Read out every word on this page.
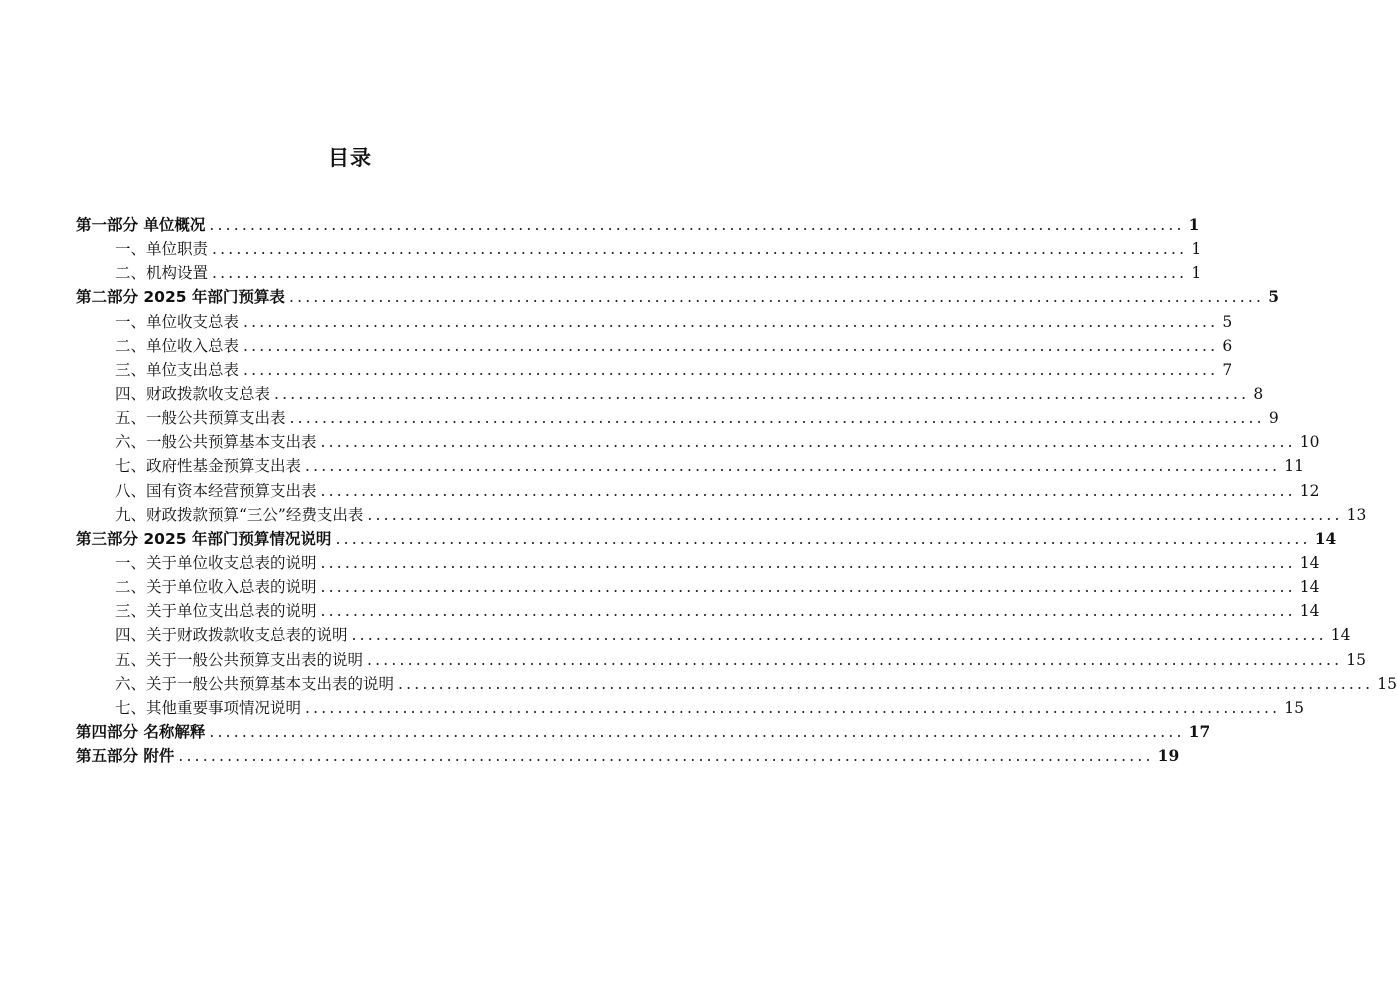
目录
第一部分 单位概况 ........................................................................................................................ 1
一、单位职责 ........................................................................................................................ 1
二、机构设置 ........................................................................................................................ 1
第二部分 2025 年部门预算表 ........................................................................................................................ 5
一、单位收支总表 ........................................................................................................................ 5
二、单位收入总表 ........................................................................................................................ 6
三、单位支出总表 ........................................................................................................................ 7
四、财政拨款收支总表 ........................................................................................................................ 8
五、一般公共预算支出表 ........................................................................................................................ 9
六、一般公共预算基本支出表 ........................................................................................................................ 10
七、政府性基金预算支出表 ........................................................................................................................ 11
八、国有资本经营预算支出表 ........................................................................................................................ 12
九、财政拨款预算“三公”经费支出表 ........................................................................................................................ 13
第三部分 2025 年部门预算情况说明 ........................................................................................................................ 14
一、关于单位收支总表的说明 ........................................................................................................................ 14
二、关于单位收入总表的说明 ........................................................................................................................ 14
三、关于单位支出总表的说明 ........................................................................................................................ 14
四、关于财政拨款收支总表的说明 ........................................................................................................................ 14
五、关于一般公共预算支出表的说明 ........................................................................................................................ 15
六、关于一般公共预算基本支出表的说明 ........................................................................................................................ 15
七、其他重要事项情况说明 ........................................................................................................................ 15
第四部分 名称解释 ........................................................................................................................ 17
第五部分 附件 ........................................................................................................................ 19
